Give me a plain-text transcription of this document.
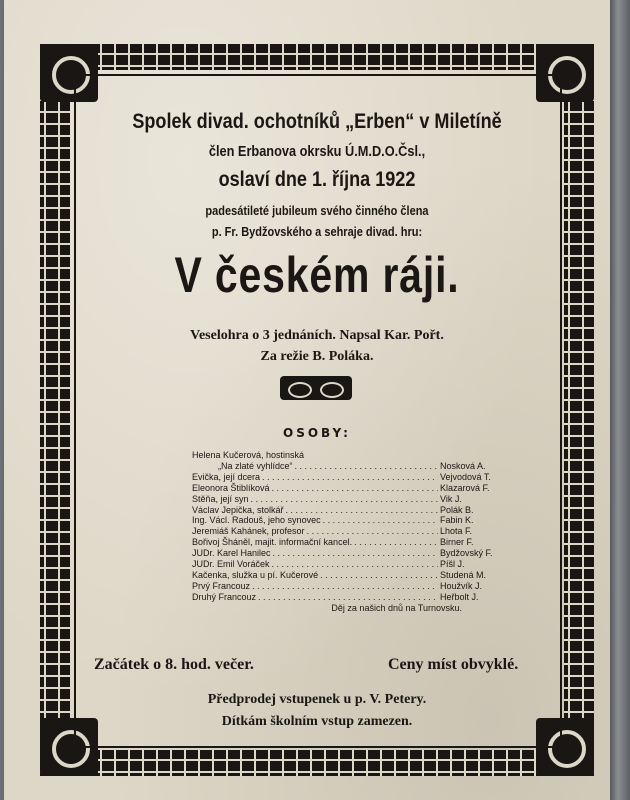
Spolek divad. ochotníků „Erben“ v Miletíně
člen Erbanova okrsku Ú.M.D.O.Čsl.,
oslaví dne 1. října 1922
padesátileté jubileum svého činného člena
p. Fr. Bydžovského a sehraje divad. hru:
V českém ráji.
Veselohra o 3 jednáních. Napsal Kar. Pořt.
Za režie B. Poláka.
OSOBY:
Helena Kučerová, hostinská
„Na zlaté vyhlídce“ . . .	Nosková A.
Evička, její dcera . . .	Vejvodová T.
Eleonora Štiblíková . . .	Klazarová F.
Stěňa, její syn . . .	Vik J.
Václav Jepička, stolkář . . .	Polák B.
Ing. Václ. Radouš, jeho synovec . . .	Fabin K.
Jeremiáš Kahánek, profesor . . .	Lhota F.
Bořivoj Šháněl, majit. informační kancel. . . .	Birner F.
JUDr. Karel Hanilec . . .	Bydžovský F.
JUDr. Emil Voráček . . .	Píšl J.
Kačenka, služka u pí. Kučerové . . .	Studená M.
Prvý Francouz . . .	Houžvík J.
Druhý Francouz . . .	Heřbolt J.
Děj za našich dnů na Turnovsku.
Začátek o 8. hod. večer.	Ceny míst obvyklé.
Předprodej vstupenek u p. V. Petery.
Dítkám školním vstup zamezen.
